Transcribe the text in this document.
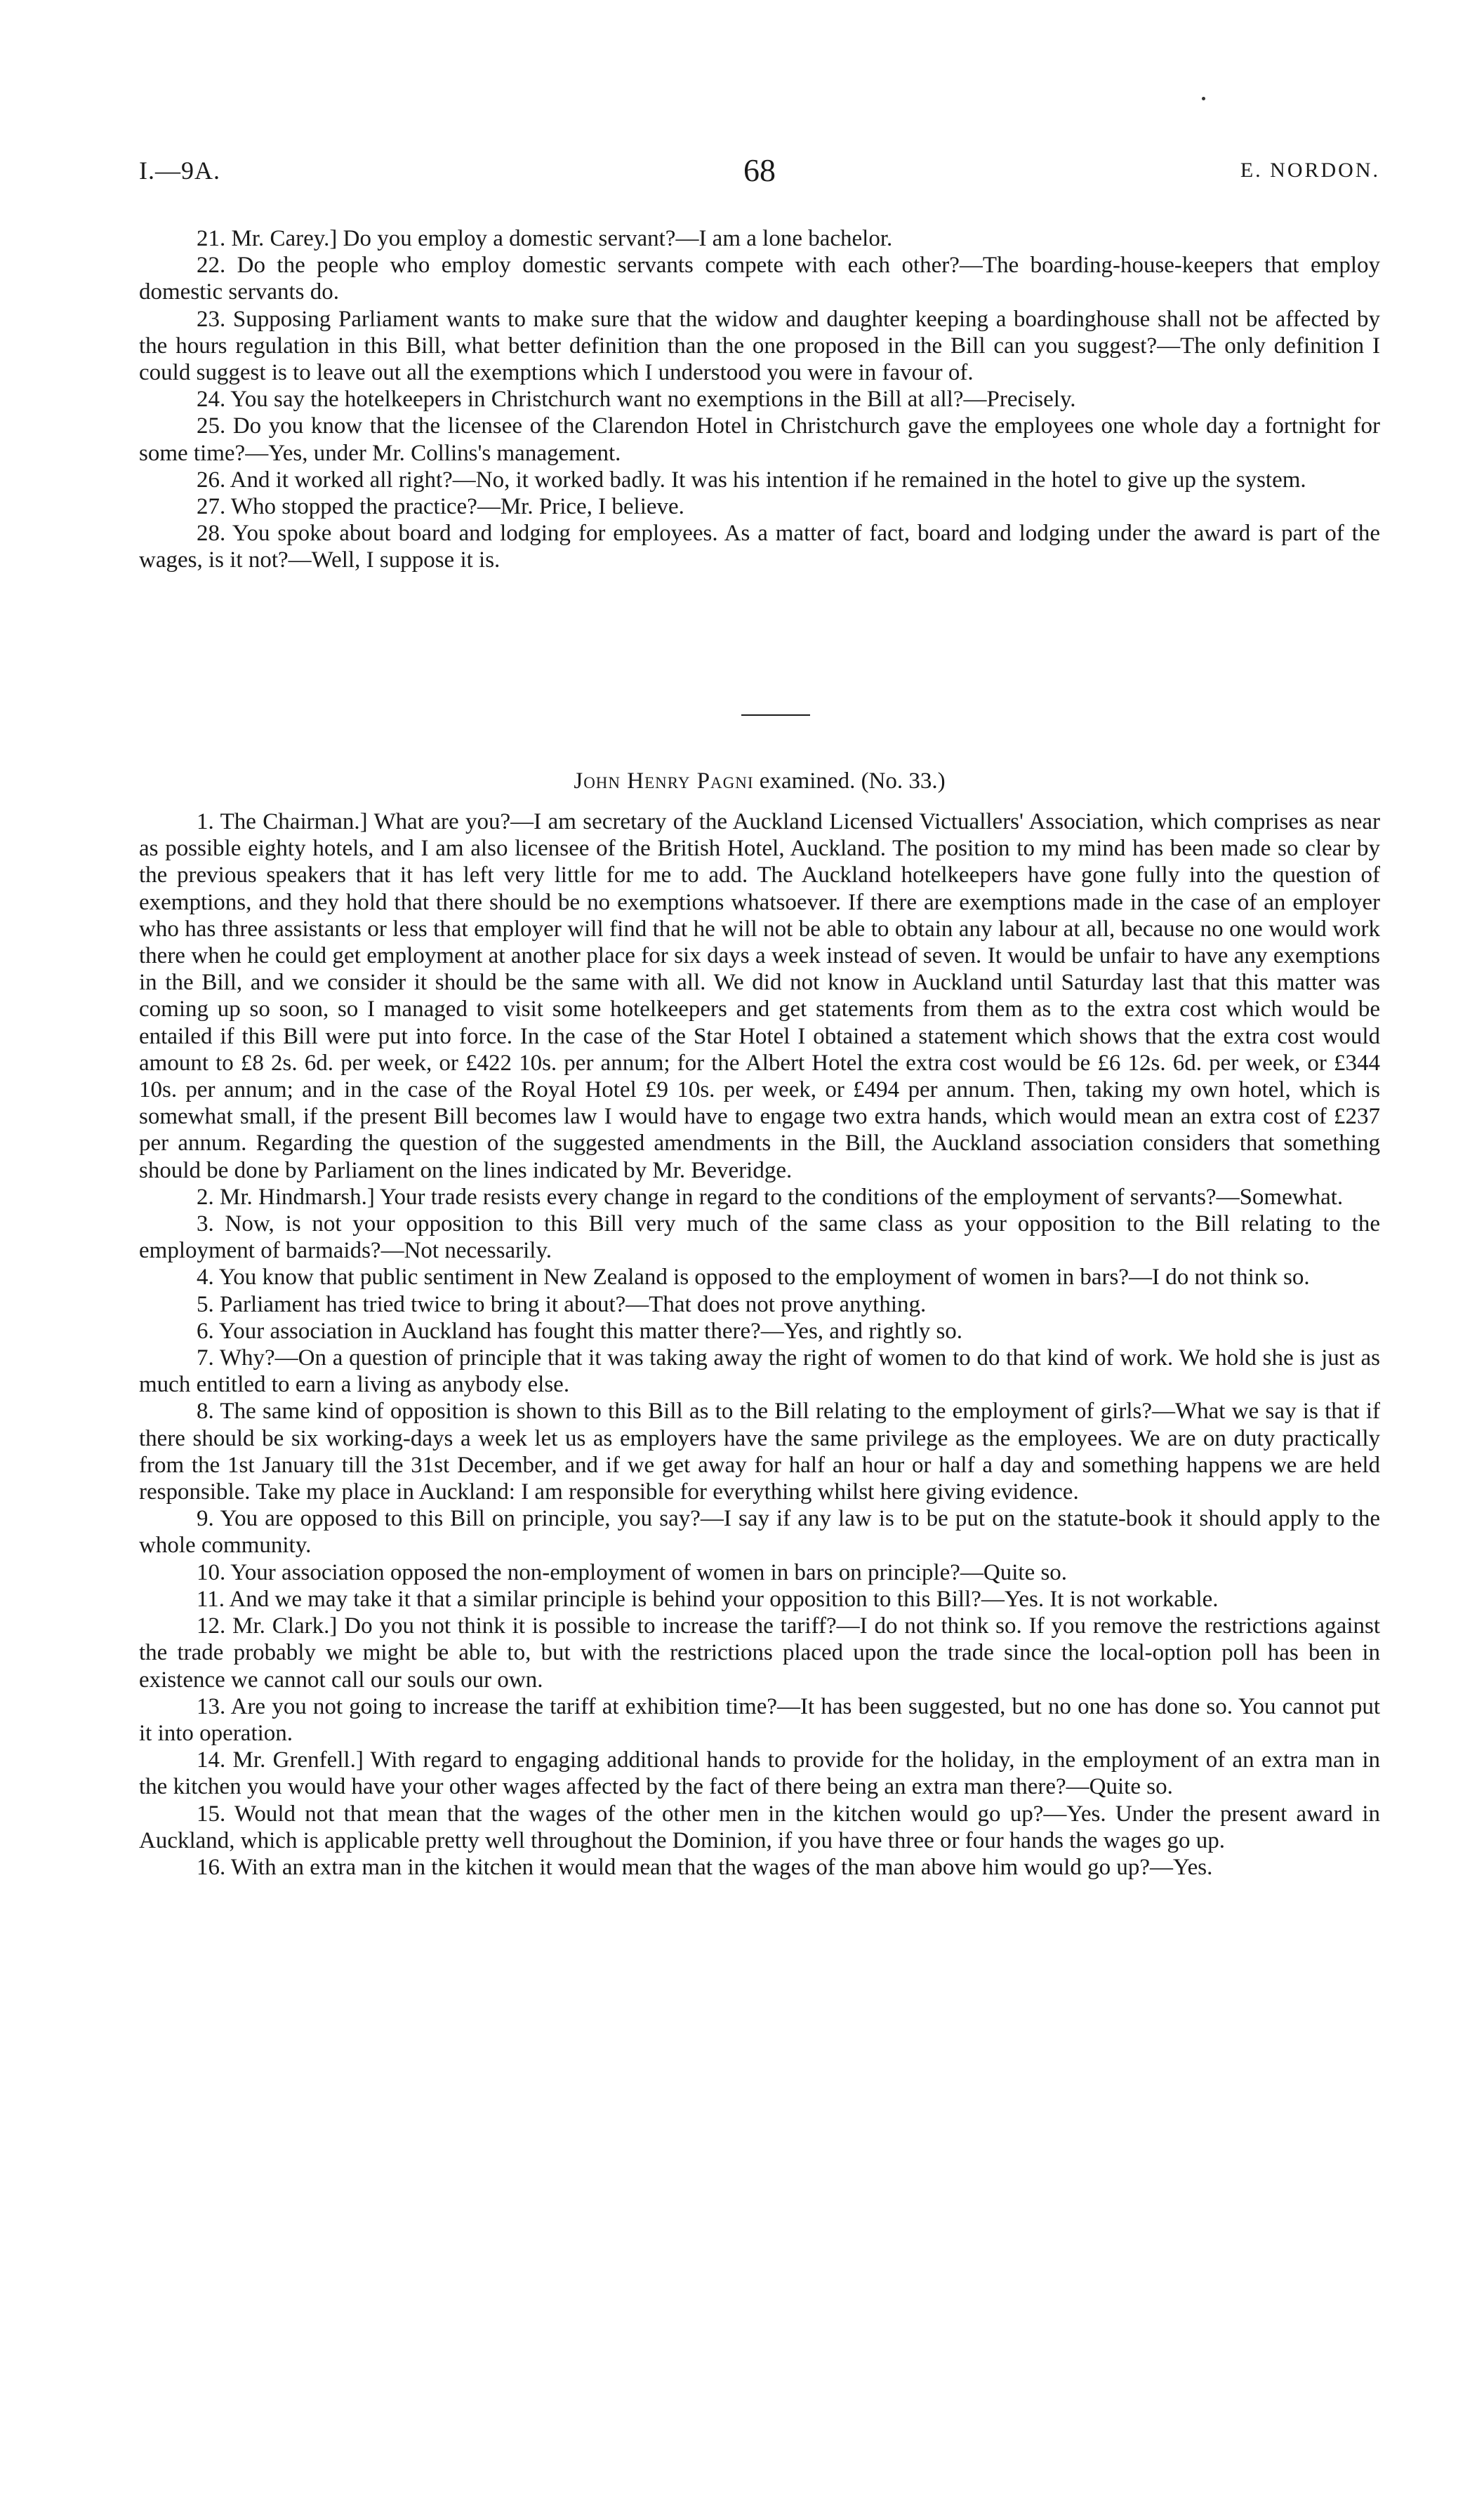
I.—9A.	68	E. NORDON.

21. Mr. Carey.] Do you employ a domestic servant?—I am a lone bachelor.

22. Do the people who employ domestic servants compete with each other?—The boarding-house-keepers that employ domestic servants do.

23. Supposing Parliament wants to make sure that the widow and daughter keeping a boardinghouse shall not be affected by the hours regulation in this Bill, what better definition than the one proposed in the Bill can you suggest?—The only definition I could suggest is to leave out all the exemptions which I understood you were in favour of.

24. You say the hotelkeepers in Christchurch want no exemptions in the Bill at all?—Precisely.

25. Do you know that the licensee of the Clarendon Hotel in Christchurch gave the employees one whole day a fortnight for some time?—Yes, under Mr. Collins's management.

26. And it worked all right?—No, it worked badly. It was his intention if he remained in the hotel to give up the system.

27. Who stopped the practice?—Mr. Price, I believe.

28. You spoke about board and lodging for employees. As a matter of fact, board and lodging under the award is part of the wages, is it not?—Well, I suppose it is.

John Henry Pagni examined. (No. 33.)

1. The Chairman.] What are you?—I am secretary of the Auckland Licensed Victuallers' Association, which comprises as near as possible eighty hotels, and I am also licensee of the British Hotel, Auckland. The position to my mind has been made so clear by the previous speakers that it has left very little for me to add. The Auckland hotelkeepers have gone fully into the question of exemptions, and they hold that there should be no exemptions whatsoever. If there are exemptions made in the case of an employer who has three assistants or less that employer will find that he will not be able to obtain any labour at all, because no one would work there when he could get employment at another place for six days a week instead of seven. It would be unfair to have any exemptions in the Bill, and we consider it should be the same with all. We did not know in Auckland until Saturday last that this matter was coming up so soon, so I managed to visit some hotelkeepers and get statements from them as to the extra cost which would be entailed if this Bill were put into force. In the case of the Star Hotel I obtained a statement which shows that the extra cost would amount to £8 2s. 6d. per week, or £422 10s. per annum; for the Albert Hotel the extra cost would be £6 12s. 6d. per week, or £344 10s. per annum; and in the case of the Royal Hotel £9 10s. per week, or £494 per annum. Then, taking my own hotel, which is somewhat small, if the present Bill becomes law I would have to engage two extra hands, which would mean an extra cost of £237 per annum. Regarding the question of the suggested amendments in the Bill, the Auckland association considers that something should be done by Parliament on the lines indicated by Mr. Beveridge.

2. Mr. Hindmarsh.] Your trade resists every change in regard to the conditions of the employment of servants?—Somewhat.

3. Now, is not your opposition to this Bill very much of the same class as your opposition to the Bill relating to the employment of barmaids?—Not necessarily.

4. You know that public sentiment in New Zealand is opposed to the employment of women in bars?—I do not think so.

5. Parliament has tried twice to bring it about?—That does not prove anything.

6. Your association in Auckland has fought this matter there?—Yes, and rightly so.

7. Why?—On a question of principle that it was taking away the right of women to do that kind of work. We hold she is just as much entitled to earn a living as anybody else.

8. The same kind of opposition is shown to this Bill as to the Bill relating to the employment of girls?—What we say is that if there should be six working-days a week let us as employers have the same privilege as the employees. We are on duty practically from the 1st January till the 31st December, and if we get away for half an hour or half a day and something happens we are held responsible. Take my place in Auckland: I am responsible for everything whilst here giving evidence.

9. You are opposed to this Bill on principle, you say?—I say if any law is to be put on the statute-book it should apply to the whole community.

10. Your association opposed the non-employment of women in bars on principle?—Quite so.

11. And we may take it that a similar principle is behind your opposition to this Bill?—Yes. It is not workable.

12. Mr. Clark.] Do you not think it is possible to increase the tariff?—I do not think so. If you remove the restrictions against the trade probably we might be able to, but with the restrictions placed upon the trade since the local-option poll has been in existence we cannot call our souls our own.

13. Are you not going to increase the tariff at exhibition time?—It has been suggested, but no one has done so. You cannot put it into operation.

14. Mr. Grenfell.] With regard to engaging additional hands to provide for the holiday, in the employment of an extra man in the kitchen you would have your other wages affected by the fact of there being an extra man there?—Quite so.

15. Would not that mean that the wages of the other men in the kitchen would go up?—Yes. Under the present award in Auckland, which is applicable pretty well throughout the Dominion, if you have three or four hands the wages go up.

16. With an extra man in the kitchen it would mean that the wages of the man above him would go up?—Yes.
